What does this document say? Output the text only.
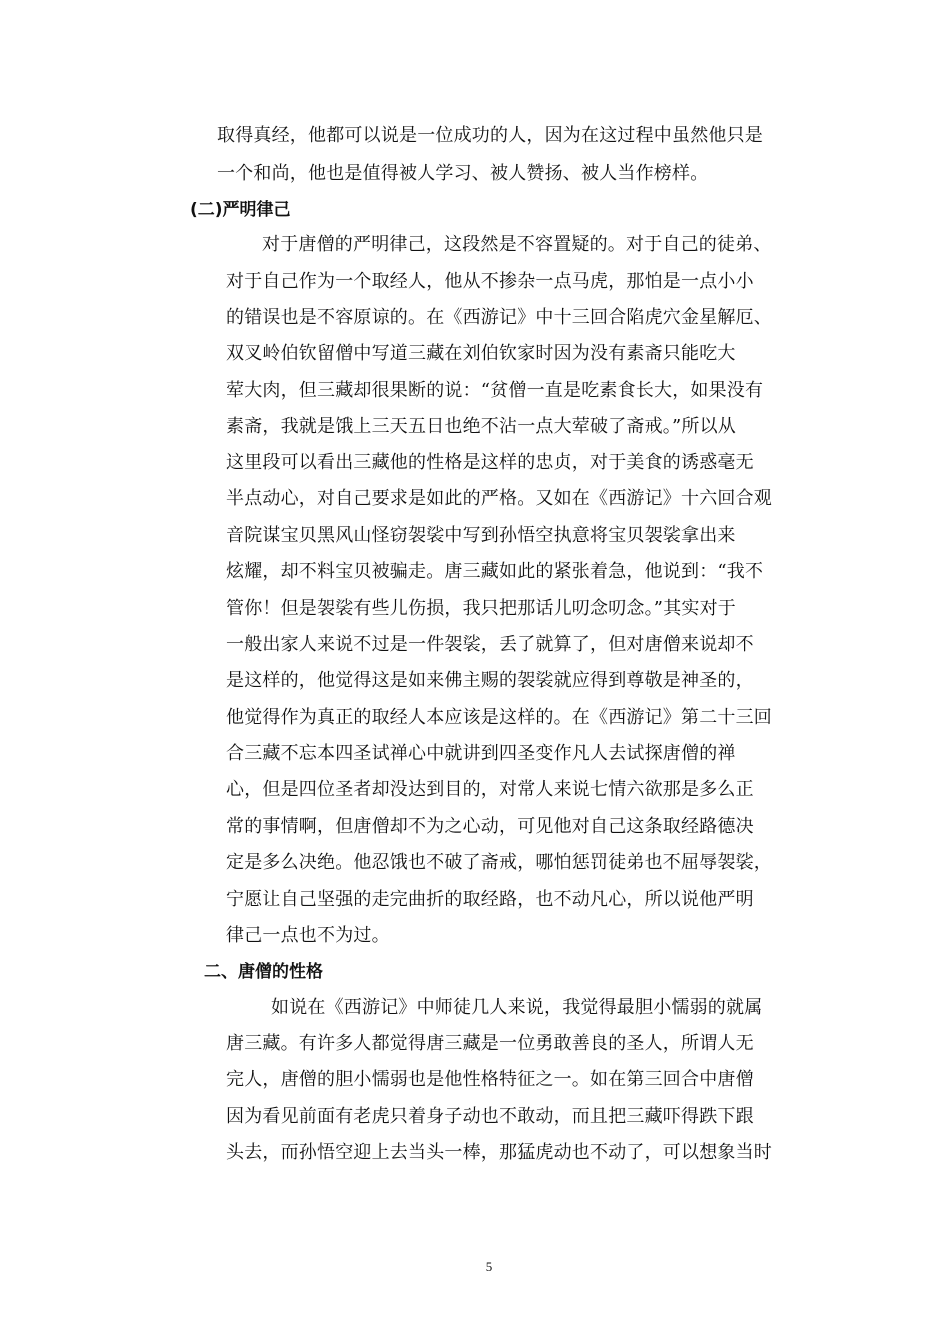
取得真经，他都可以说是一位成功的人，因为在这过程中虽然他只是
一个和尚，他也是值得被人学习、被人赞扬、被人当作榜样。
(二)严明律己
对于唐僧的严明律己，这段然是不容置疑的。对于自己的徒弟、
对于自己作为一个取经人，他从不掺杂一点马虎，那怕是一点小小
的错误也是不容原谅的。在《西游记》中十三回合陷虎穴金星解厄、
双叉岭伯钦留僧中写道三藏在刘伯钦家时因为没有素斋只能吃大
荤大肉，但三藏却很果断的说：“贫僧一直是吃素食长大，如果没有
素斋，我就是饿上三天五日也绝不沾一点大荤破了斋戒。”所以从
这里段可以看出三藏他的性格是这样的忠贞，对于美食的诱惑毫无
半点动心，对自己要求是如此的严格。又如在《西游记》十六回合观
音院谋宝贝黑风山怪窃袈裟中写到孙悟空执意将宝贝袈裟拿出来
炫耀，却不料宝贝被骗走。唐三藏如此的紧张着急，他说到：“我不
管你！但是袈裟有些儿伤损，我只把那话儿叨念叨念。”其实对于
一般出家人来说不过是一件袈裟，丢了就算了，但对唐僧来说却不
是这样的，他觉得这是如来佛主赐的袈裟就应得到尊敬是神圣的，
他觉得作为真正的取经人本应该是这样的。在《西游记》第二十三回
合三藏不忘本四圣试禅心中就讲到四圣变作凡人去试探唐僧的禅
心，但是四位圣者却没达到目的，对常人来说七情六欲那是多么正
常的事情啊，但唐僧却不为之心动，可见他对自己这条取经路德决
定是多么决绝。他忍饿也不破了斋戒，哪怕惩罚徒弟也不屈辱袈裟，
宁愿让自己坚强的走完曲折的取经路，也不动凡心，所以说他严明
律己一点也不为过。
二、唐僧的性格
如说在《西游记》中师徒几人来说，我觉得最胆小懦弱的就属
唐三藏。有许多人都觉得唐三藏是一位勇敢善良的圣人，所谓人无
完人，唐僧的胆小懦弱也是他性格特征之一。如在第三回合中唐僧
因为看见前面有老虎只着身子动也不敢动，而且把三藏吓得跌下跟
头去，而孙悟空迎上去当头一棒，那猛虎动也不动了，可以想象当时
5
